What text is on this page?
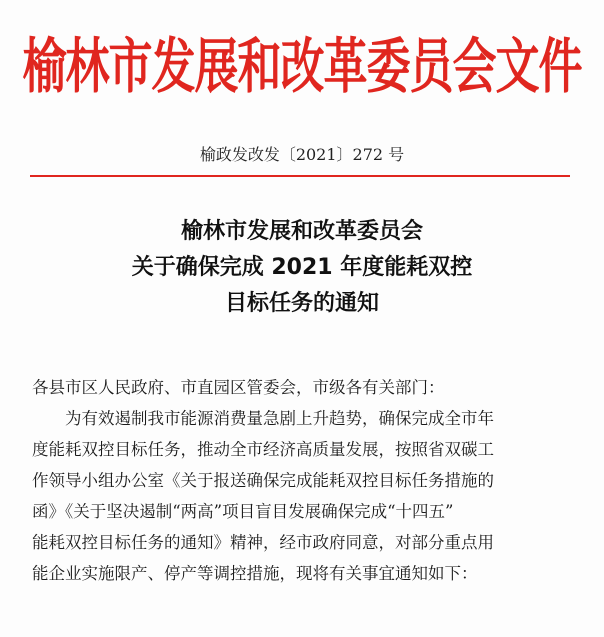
榆林市发展和改革委员会文件
榆政发改发〔2021〕272 号
榆林市发展和改革委员会
关于确保完成 2021 年度能耗双控
目标任务的通知

各县市区人民政府、市直园区管委会，市级各有关部门：

　　为有效遏制我市能源消费量急剧上升趋势，确保完成全市年

度能耗双控目标任务，推动全市经济高质量发展，按照省双碳工

作领导小组办公室《关于报送确保完成能耗双控目标任务措施的

函》《关于坚决遏制“两高”项目盲目发展确保完成“十四五”

能耗双控目标任务的通知》精神，经市政府同意，对部分重点用

能企业实施限产、停产等调控措施，现将有关事宜通知如下：
